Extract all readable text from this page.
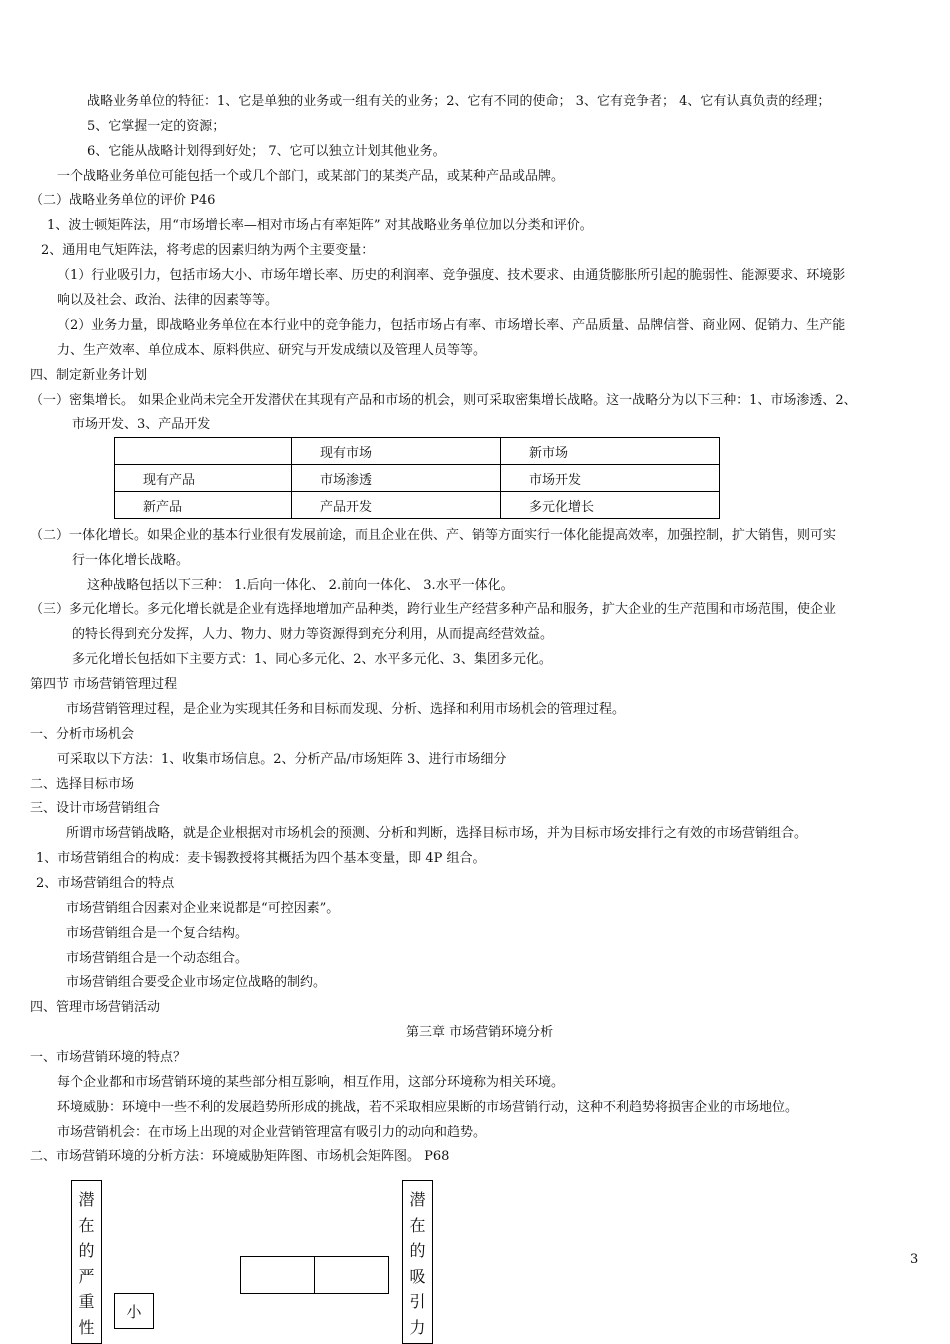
战略业务单位的特征：1、它是单独的业务或一组有关的业务；2、它有不同的使命； 3、它有竞争者； 4、它有认真负责的经理；
5、它掌握一定的资源；
6、它能从战略计划得到好处； 7、它可以独立计划其他业务。
一个战略业务单位可能包括一个或几个部门，或某部门的某类产品，或某种产品或品牌。
（二）战略业务单位的评价 P46
1、波士顿矩阵法，用“市场增长率—相对市场占有率矩阵” 对其战略业务单位加以分类和评价。
2、通用电气矩阵法，将考虑的因素归纳为两个主要变量：
（1）行业吸引力，包括市场大小、市场年增长率、历史的利润率、竞争强度、技术要求、由通货膨胀所引起的脆弱性、能源要求、环境影
响以及社会、政治、法律的因素等等。
（2）业务力量，即战略业务单位在本行业中的竞争能力，包括市场占有率、市场增长率、产品质量、品牌信誉、商业网、促销力、生产能
力、生产效率、单位成本、原料供应、研究与开发成绩以及管理人员等等。
四、制定新业务计划
（一）密集增长。 如果企业尚未完全开发潜伏在其现有产品和市场的机会，则可采取密集增长战略。这一战略分为以下三种：1、市场渗透、2、
市场开发、3、产品开发
	现有市场	新市场
现有产品	市场渗透	市场开发
新产品	产品开发	多元化增长
（二）一体化增长。如果企业的基本行业很有发展前途，而且企业在供、产、销等方面实行一体化能提高效率，加强控制，扩大销售，则可实
行一体化增长战略。
这种战略包括以下三种： 1.后向一体化、 2.前向一体化、 3.水平一体化。
（三）多元化增长。多元化增长就是企业有选择地增加产品种类，跨行业生产经营多种产品和服务，扩大企业的生产范围和市场范围，使企业
的特长得到充分发挥，人力、物力、财力等资源得到充分利用，从而提高经营效益。
多元化增长包括如下主要方式：1、同心多元化、2、水平多元化、3、集团多元化。
第四节 市场营销管理过程
市场营销管理过程，是企业为实现其任务和目标而发现、分析、选择和利用市场机会的管理过程。
一、分析市场机会
可采取以下方法：1、收集市场信息。2、分析产品/市场矩阵 3、进行市场细分
二、选择目标市场
三、设计市场营销组合
所谓市场营销战略，就是企业根据对市场机会的预测、分析和判断，选择目标市场，并为目标市场安排行之有效的市场营销组合。
1、市场营销组合的构成：麦卡锡教授将其概括为四个基本变量，即 4P 组合。
2、市场营销组合的特点
市场营销组合因素对企业来说都是“可控因素”。
市场营销组合是一个复合结构。
市场营销组合是一个动态组合。
市场营销组合要受企业市场定位战略的制约。
四、管理市场营销活动
第三章 市场营销环境分析
一、市场营销环境的特点？
每个企业都和市场营销环境的某些部分相互影响，相互作用，这部分环境称为相关环境。
环境威胁：环境中一些不利的发展趋势所形成的挑战，若不采取相应果断的市场营销行动，这种不利趋势将损害企业的市场地位。
市场营销机会：在市场上出现的对企业营销管理富有吸引力的动向和趋势。
二、市场营销环境的分析方法：环境威胁矩阵图、市场机会矩阵图。 P68
潜
在
的
严
重
性
小
潜
在
的
吸
引
力
3
